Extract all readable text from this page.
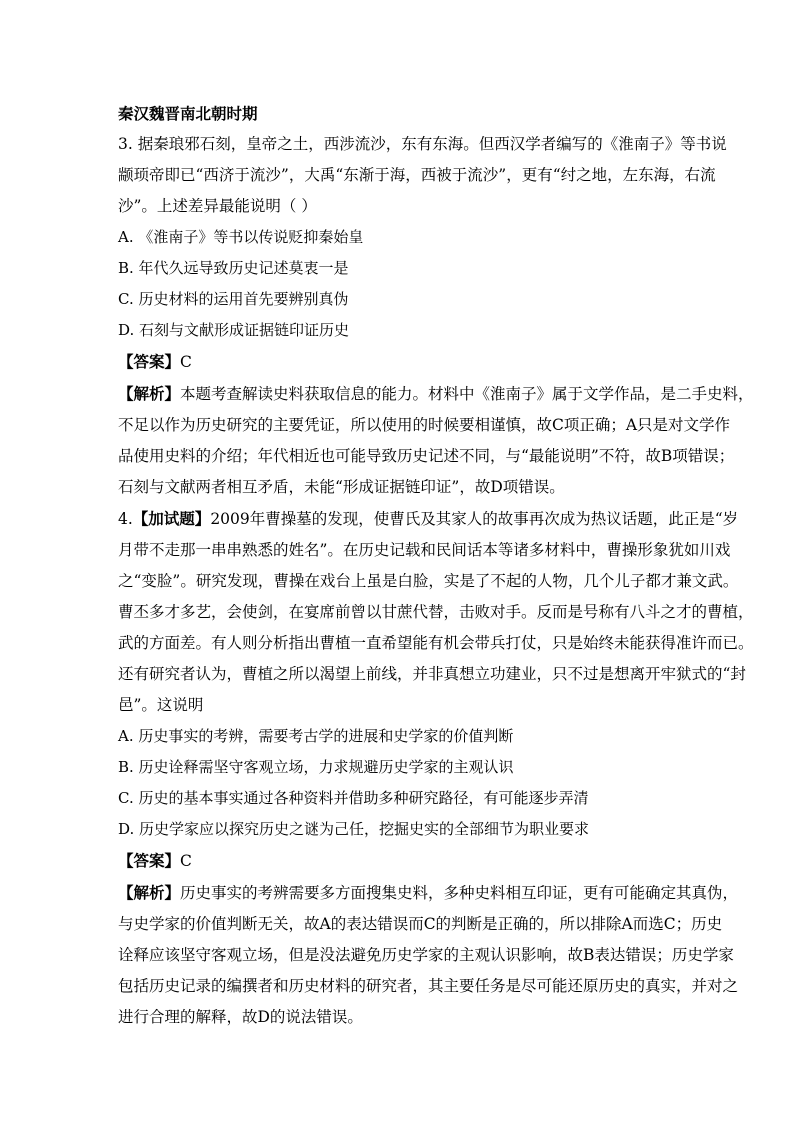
秦汉魏晋南北朝时期
3. 据秦琅邪石刻，皇帝之土，西涉流沙，东有东海。但西汉学者编写的《淮南子》等书说
颛顼帝即已“西济于流沙”，大禹“东渐于海，西被于流沙”，更有“纣之地，左东海，右流
沙”。上述差异最能说明（ ）
A. 《淮南子》等书以传说贬抑秦始皇
B. 年代久远导致历史记述莫衷一是
C. 历史材料的运用首先要辨别真伪
D. 石刻与文献形成证据链印证历史
【答案】C
【解析】本题考查解读史料获取信息的能力。材料中《淮南子》属于文学作品，是二手史料，
不足以作为历史研究的主要凭证，所以使用的时候要相谨慎，故C项正确；A只是对文学作
品使用史料的介绍；年代相近也可能导致历史记述不同，与“最能说明”不符，故B项错误；
石刻与文献两者相互矛盾，未能“形成证据链印证”，故D项错误。
4.【加试题】2009年曹操墓的发现，使曹氏及其家人的故事再次成为热议话题，此正是“岁
月带不走那一串串熟悉的姓名”。在历史记载和民间话本等诸多材料中，曹操形象犹如川戏
之“变脸”。研究发现，曹操在戏台上虽是白脸，实是了不起的人物，几个儿子都才兼文武。
曹丕多才多艺，会使剑，在宴席前曾以甘蔗代替，击败对手。反而是号称有八斗之才的曹植，
武的方面差。有人则分析指出曹植一直希望能有机会带兵打仗，只是始终未能获得准许而已。
还有研究者认为，曹植之所以渴望上前线，并非真想立功建业，只不过是想离开牢狱式的“封
邑”。这说明
A. 历史事实的考辨，需要考古学的进展和史学家的价值判断
B. 历史诠释需坚守客观立场，力求规避历史学家的主观认识
C. 历史的基本事实通过各种资料并借助多种研究路径，有可能逐步弄清
D. 历史学家应以探究历史之谜为己任，挖掘史实的全部细节为职业要求
【答案】C
【解析】历史事实的考辨需要多方面搜集史料，多种史料相互印证，更有可能确定其真伪，
与史学家的价值判断无关，故A的表达错误而C的判断是正确的，所以排除A而选C；历史
诠释应该坚守客观立场，但是没法避免历史学家的主观认识影响，故B表达错误；历史学家
包括历史记录的编撰者和历史材料的研究者，其主要任务是尽可能还原历史的真实，并对之
进行合理的解释，故D的说法错误。
